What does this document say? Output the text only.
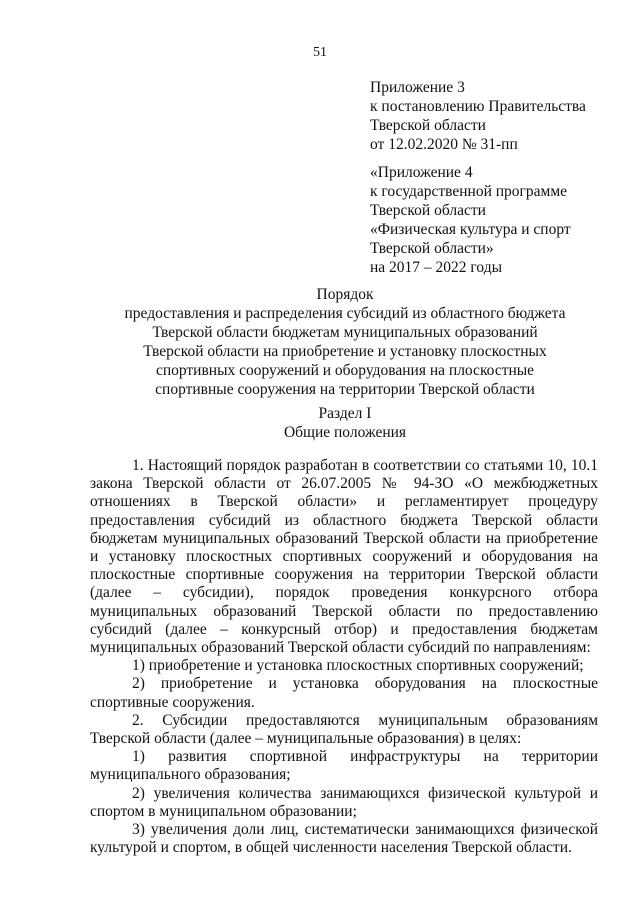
51
Приложение 3
к постановлению Правительства
Тверской области
от 12.02.2020 № 31-пп
«Приложение 4
к государственной программе
Тверской области
«Физическая культура и спорт
Тверской области»
на 2017 – 2022 годы
Порядок
предоставления и распределения субсидий из областного бюджета
Тверской области бюджетам муниципальных образований
Тверской области на приобретение и установку плоскостных
спортивных сооружений и оборудования на плоскостные
спортивные сооружения на территории Тверской области
Раздел I
Общие положения

1. Настоящий порядок разработан в соответствии со статьями 10, 10.1 закона Тверской области от 26.07.2005 № 94-ЗО «О межбюджетных отношениях в Тверской области» и регламентирует процедуру предоставления субсидий из областного бюджета Тверской области бюджетам муниципальных образований Тверской области на приобретение и установку плоскостных спортивных сооружений и оборудования на плоскостные спортивные сооружения на территории Тверской области (далее – субсидии), порядок проведения конкурсного отбора муниципальных образований Тверской области по предоставлению субсидий (далее – конкурсный отбор) и предоставления бюджетам муниципальных образований Тверской области субсидий по направлениям:

1) приобретение и установка плоскостных спортивных сооружений;

2) приобретение и установка оборудования на плоскостные спортивные сооружения.

2. Субсидии предоставляются муниципальным образованиям Тверской области (далее – муниципальные образования) в целях:

1) развития спортивной инфраструктуры на территории муниципального образования;

2) увеличения количества занимающихся физической культурой и спортом в муниципальном образовании;

3) увеличения доли лиц, систематически занимающихся физической культурой и спортом, в общей численности населения Тверской области.
